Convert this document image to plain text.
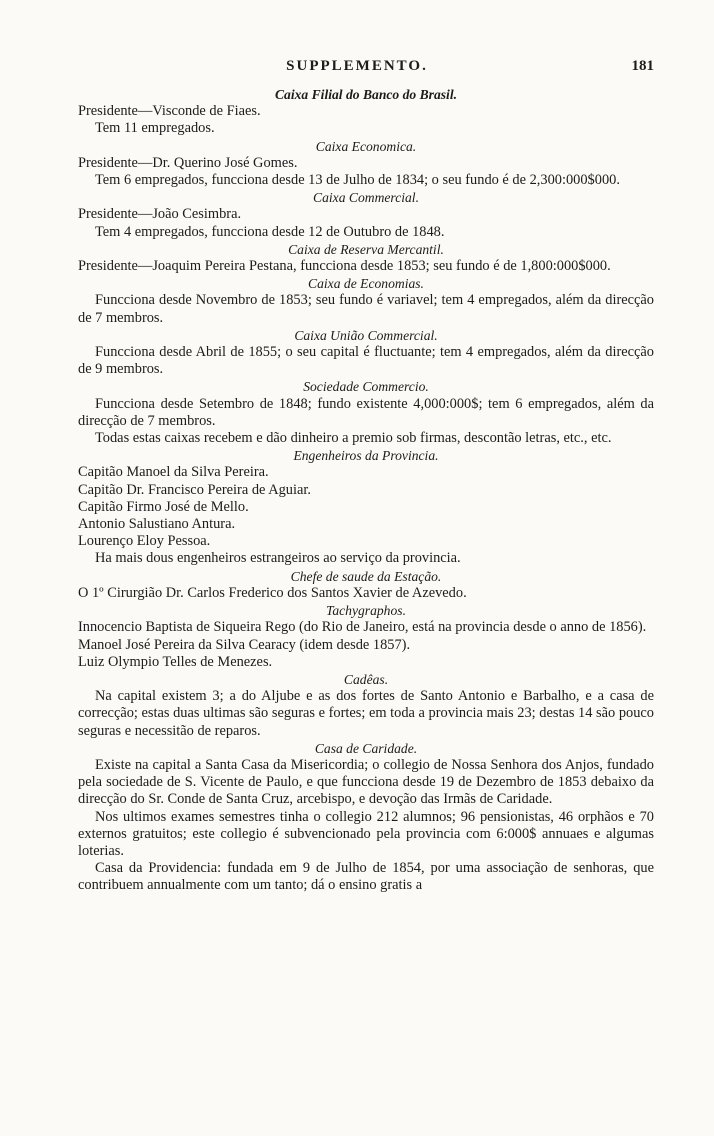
SUPPLEMENTO.	181
Caixa Filial do Banco do Brasil.

Presidente—Visconde de Fiaes.

Tem 11 empregados.

Caixa Economica.

Presidente—Dr. Querino José Gomes.

Tem 6 empregados, funcciona desde 13 de Julho de 1834; o seu fundo é de 2,300:000$000.

Caixa Commercial.

Presidente—João Cesimbra.

Tem 4 empregados, funcciona desde 12 de Outubro de 1848.

Caixa de Reserva Mercantil.

Presidente—Joaquim Pereira Pestana, funcciona desde 1853; seu fundo é de 1,800:000$000.

Caixa de Economias.

Funcciona desde Novembro de 1853; seu fundo é variavel; tem 4 empregados, além da direcção de 7 membros.

Caixa União Commercial.

Funcciona desde Abril de 1855; o seu capital é fluctuante; tem 4 empregados, além da direcção de 9 membros.

Sociedade Commercio.

Funcciona desde Setembro de 1848; fundo existente 4,000:000$; tem 6 empregados, além da direcção de 7 membros.

Todas estas caixas recebem e dão dinheiro a premio sob firmas, descontão letras, etc., etc.

Engenheiros da Provincia.

Capitão Manoel da Silva Pereira.

Capitão Dr. Francisco Pereira de Aguiar.

Capitão Firmo José de Mello.

Antonio Salustiano Antura.

Lourenço Eloy Pessoa.

Ha mais dous engenheiros estrangeiros ao serviço da provincia.

Chefe de saude da Estação.

O 1º Cirurgião Dr. Carlos Frederico dos Santos Xavier de Azevedo.

Tachygraphos.

Innocencio Baptista de Siqueira Rego (do Rio de Janeiro, está na provincia desde o anno de 1856).

Manoel José Pereira da Silva Cearacy (idem desde 1857).

Luiz Olympio Telles de Menezes.

Cadêas.

Na capital existem 3; a do Aljube e as dos fortes de Santo Antonio e Barbalho, e a casa de correcção; estas duas ultimas são seguras e fortes; em toda a provincia mais 23; destas 14 são pouco seguras e necessitão de reparos.

Casa de Caridade.

Existe na capital a Santa Casa da Misericordia; o collegio de Nossa Senhora dos Anjos, fundado pela sociedade de S. Vicente de Paulo, e que funcciona desde 19 de Dezembro de 1853 debaixo da direcção do Sr. Conde de Santa Cruz, arcebispo, e devoção das Irmãs de Caridade.

Nos ultimos exames semestres tinha o collegio 212 alumnos; 96 pensionistas, 46 orphãos e 70 externos gratuitos; este collegio é subvencionado pela provincia com 6:000$ annuaes e algumas loterias.

Casa da Providencia: fundada em 9 de Julho de 1854, por uma associação de senhoras, que contribuem annualmente com um tanto; dá o ensino gratis a
